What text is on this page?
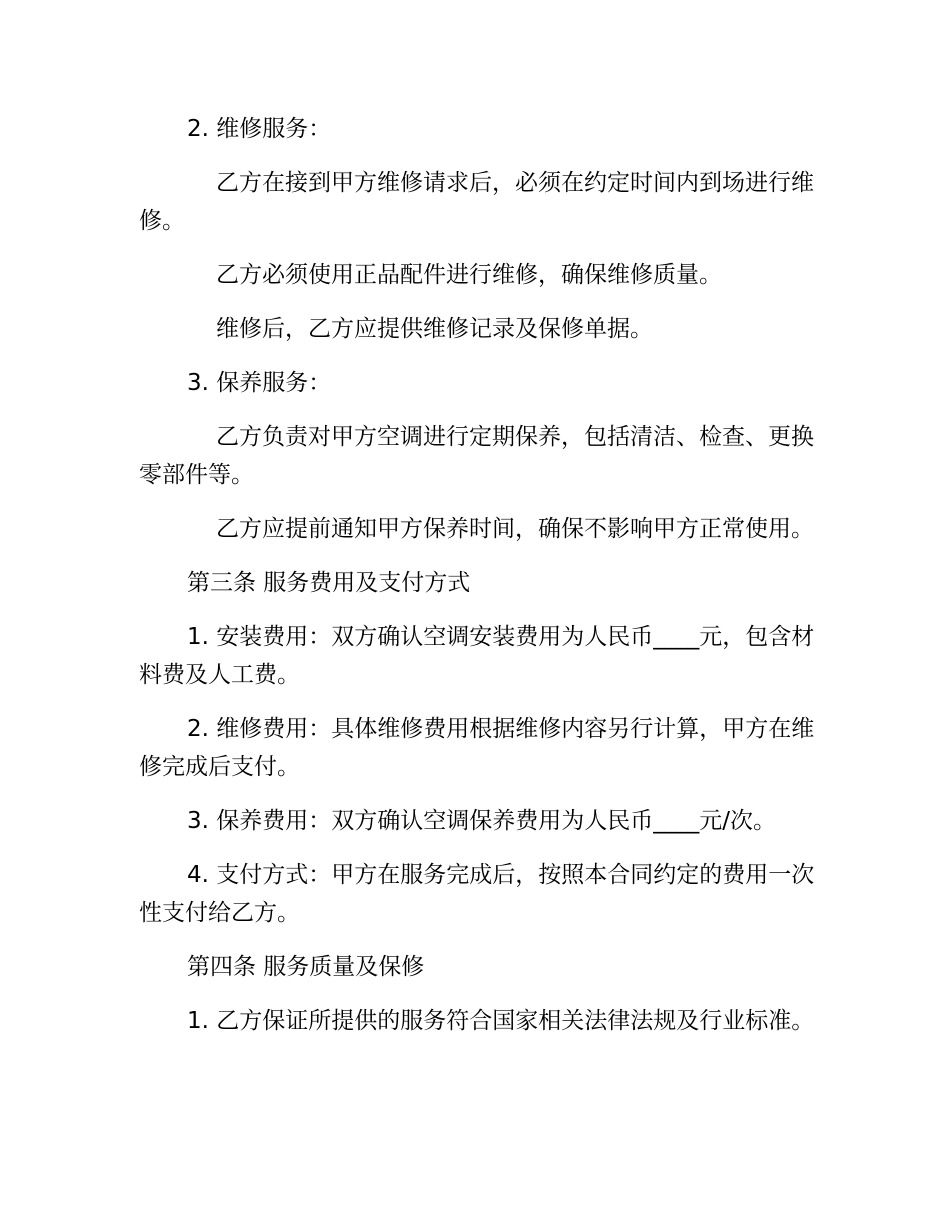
2. 维修服务：

乙方在接到甲方维修请求后，必须在约定时间内到场进行维修。

乙方必须使用正品配件进行维修，确保维修质量。

维修后，乙方应提供维修记录及保修单据。

3. 保养服务：

乙方负责对甲方空调进行定期保养，包括清洁、检查、更换零部件等。

乙方应提前通知甲方保养时间，确保不影响甲方正常使用。

第三条 服务费用及支付方式

1. 安装费用：双方确认空调安装费用为人民币____元，包含材料费及人工费。

2. 维修费用：具体维修费用根据维修内容另行计算，甲方在维修完成后支付。

3. 保养费用：双方确认空调保养费用为人民币____元/次。

4. 支付方式：甲方在服务完成后，按照本合同约定的费用一次性支付给乙方。

第四条 服务质量及保修

1. 乙方保证所提供的服务符合国家相关法律法规及行业标准。
